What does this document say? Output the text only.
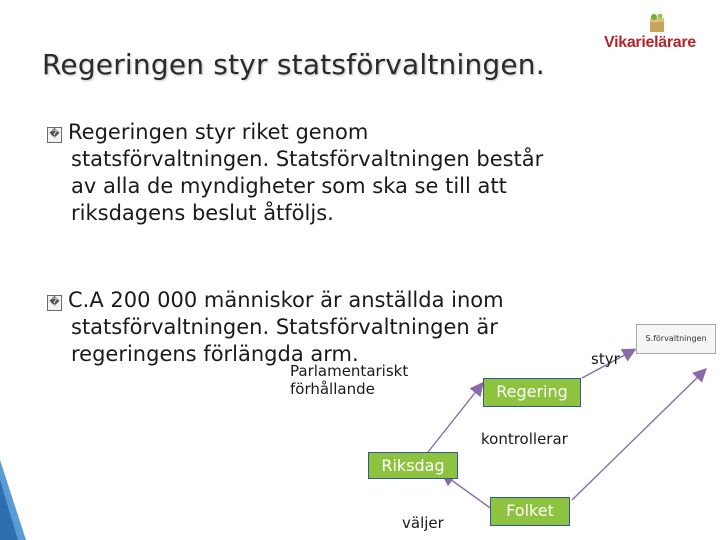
Regeringen styr statsförvaltningen.
Vikarielärare
� Regeringen styr riket genom
statsförvaltningen. Statsförvaltningen består
av alla de myndigheter som ska se till att
riksdagens beslut åtföljs.
� C.A 200 000 människor är anställda inom
statsförvaltningen. Statsförvaltningen är
regeringens förlängda arm.
S.förvaltningen
styr
Regering
Parlamentariskt
förhållande
kontrollerar
Riksdag
Folket
väljer
